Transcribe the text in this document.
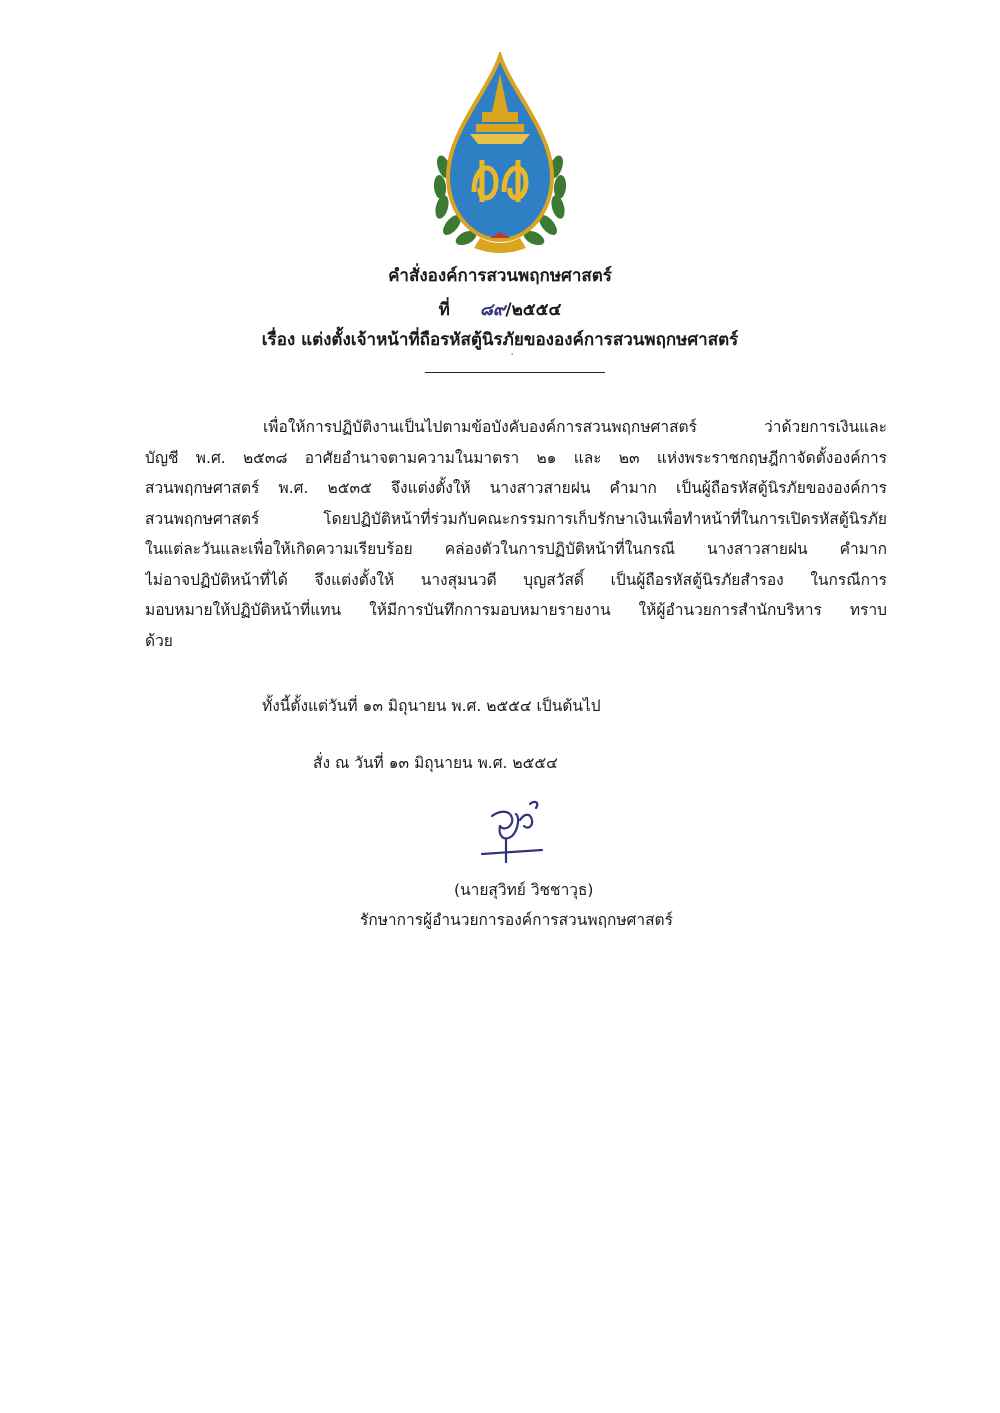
คำสั่งองค์การสวนพฤกษศาสตร์
ที่ ๘๙/๒๕๕๔
เรื่อง แต่งตั้งเจ้าหน้าที่ถือรหัสตู้นิรภัยขององค์การสวนพฤกษศาสตร์
'
เพื่อให้การปฏิบัติงานเป็นไปตามข้อบังคับองค์การสวนพฤกษศาสตร์ ว่าด้วยการเงินและ
บัญชี พ.ศ. ๒๕๓๘ อาศัยอำนาจตามความในมาตรา ๒๑ และ ๒๓ แห่งพระราชกฤษฎีกาจัดตั้งองค์การ
สวนพฤกษศาสตร์ พ.ศ. ๒๕๓๕ จึงแต่งตั้งให้ นางสาวสายฝน คำมาก เป็นผู้ถือรหัสตู้นิรภัยขององค์การ
สวนพฤกษศาสตร์ โดยปฏิบัติหน้าที่ร่วมกับคณะกรรมการเก็บรักษาเงินเพื่อทำหน้าที่ในการเปิดรหัสตู้นิรภัย
ในแต่ละวันและเพื่อให้เกิดความเรียบร้อย คล่องตัวในการปฏิบัติหน้าที่ในกรณี นางสาวสายฝน คำมาก
ไม่อาจปฏิบัติหน้าที่ได้ จึงแต่งตั้งให้ นางสุมนวดี บุญสวัสดิ์ เป็นผู้ถือรหัสตู้นิรภัยสำรอง ในกรณีการ
มอบหมายให้ปฏิบัติหน้าที่แทน ให้มีการบันทึกการมอบหมายรายงาน ให้ผู้อำนวยการสำนักบริหาร ทราบ
ด้วย
ทั้งนี้ตั้งแต่วันที่ ๑๓ มิถุนายน พ.ศ. ๒๕๕๔ เป็นต้นไป
สั่ง ณ วันที่ ๑๓ มิถุนายน พ.ศ. ๒๕๕๔
(นายสุวิทย์ วิชชาวุธ)
รักษาการผู้อำนวยการองค์การสวนพฤกษศาสตร์
